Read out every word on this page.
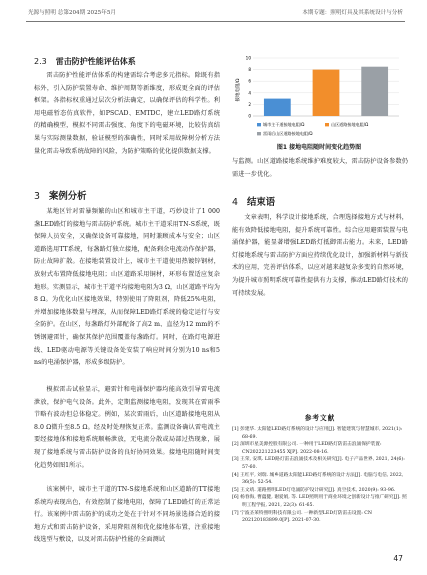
光源与照明 总第204期 2025年5月	本期专题：照明灯具及其系统设计与分析
2.3 雷击防护性能评估体系

雷击防护性能评估体系的构建需综合考虑多元指标。除既有指标外，引入防护装置寿命、维护周期等新维度，形成更全面的评估框架。各指标权重通过层次分析法确定，以确保评估的科学性。利用电磁暂态仿真软件，如PSCAD、EMTDC，建立LED路灯系统的精确模型，模拟不同雷击强度、角度下的电磁环境，比较仿真结果与实际测量数据，验证模型的准确性，同时采用故障树分析方法量化雷击导致系统故障的风险，为防护策略的优化提供数据支撑。

3 案例分析

某地区针对雷暴频繁的山区和城市主干道，巧妙设计了1 000盏LED路灯的接地与雷击防护系统。城市主干道采用TN-S系统，既保障人员安全，又确保设备可靠接地，同时兼顾成本与安全；山区道路选用TT系统，每盏路灯独立接地，配备剩余电流动作保护器，防止故障扩散。在接地装置设计上，城市主干道使用热镀锌钢材，放射式布置降低接地电阻；山区道路采用铜材，环形布置适应复杂地形。实测显示，城市主干道平均接地电阻为3 Ω，山区道路平均为8 Ω。为优化山区接地效果，特别使用了降阻剂，降低25%电阻，并增加接地体数量与埋深，从而保障LED路灯系统的稳定运行与安全防护。在山区，每盏路灯外部配备了高2 m、直径为12 mm的不锈钢避雷针，确保其保护范围覆盖每盏路灯。同时，在路灯电源进线、LED驱动电源等关键设备处安装了响应时间分别为10 ns和5 ns的电涌保护器，形成多级防护。

模拟雷击试验显示，避雷针和电涌保护器均能高效引导雷电流泄放，保护电气设备。此外，定期监测接地电阻，发现其在雷雨季节略有波动但总体稳定。例如，某次雷雨后，山区道路接地电阻从8.0 Ω微升至8.5 Ω。经及时处理恢复正常。监测设备确认雷电流主要经接地体和接地系统顺畅泄放，无电流分散或局部过热现象，展现了接地系统与雷击防护设备的良好协同效果。接地电阻随时间变化趋势如图1所示。

该案例中，城市主干道的TN-S接地系统和山区道路的TT接地系统均表现出色，有效控制了接地电阻，保障了LED路灯的正常运行。该案例中雷击防护的成功之处在于针对不同场景选择合适的接地方式和雷击防护设备，采用降阻剂和优化接地体布置，注重接地线选型与敷设，以及对雷击防护性能的全面测试

0
2
4
6
8
10
接地电阻/Ω
城市主干道接地电阻/Ω	山区道路接地电阻/Ω
雷雨后山区道路接地电阻/Ω
图1 接地电阻随时间变化趋势图

与监测。山区道路接地系统维护难度较大，雷击防护设备参数仍需进一步优化。

4 结束语

文章表明，科学设计接地系统，合理选择接地方式与材料，能有效降低接地电阻，提升系统可靠性。综合应用避雷装置与电涌保护器，能显著增强LED路灯抵御雷击能力。未来，LED路灯接地系统与雷击防护方面应持续优化设计，加强新材料与新技术的应用，完善评估体系，以应对越来越复杂多变的自然环境，为提升城市照明系统可靠性提供有力支撑，推动LED路灯技术的可持续发展。

参考文献
[1] 彭建华. 太阳能LED路灯系统的设计与应用[J]. 智能建筑与智慧城市, 2021(1): 68-69.
[2] 深圳市星美源控股有限公司. 一种用于LED路灯防雷击浪涌保护装置: CN202221223455 X[P]. 2022-08-16.
[3] 王荣, 安琪. LED路灯雷击浪涌技术及相关研究[J]. 电子产品世界, 2021, 24(6): 57-60.
[4] 王红平, 刘瑞. 城乡道路太阳能LED路灯系统的设计方法[J]. 电脑与电信, 2022, 36(5): 52-54.
[5] 王文靖. 道路照明LED灯电涌防护设计研究[J]. 真空技术, 2020(9): 93-96.
[6] 杨春海, 曹蕴健, 谢爱娟, 等. LED照明用于商业环境之创新设计与推广研究[J]. 照明工程学报, 2021, 22(3): 61-65.
[7] 宁波圣莱特照明科技有限公司. 一种新型LED灯防雷击设置: CN 202120183899.0[P]. 2021-07-30.
47
